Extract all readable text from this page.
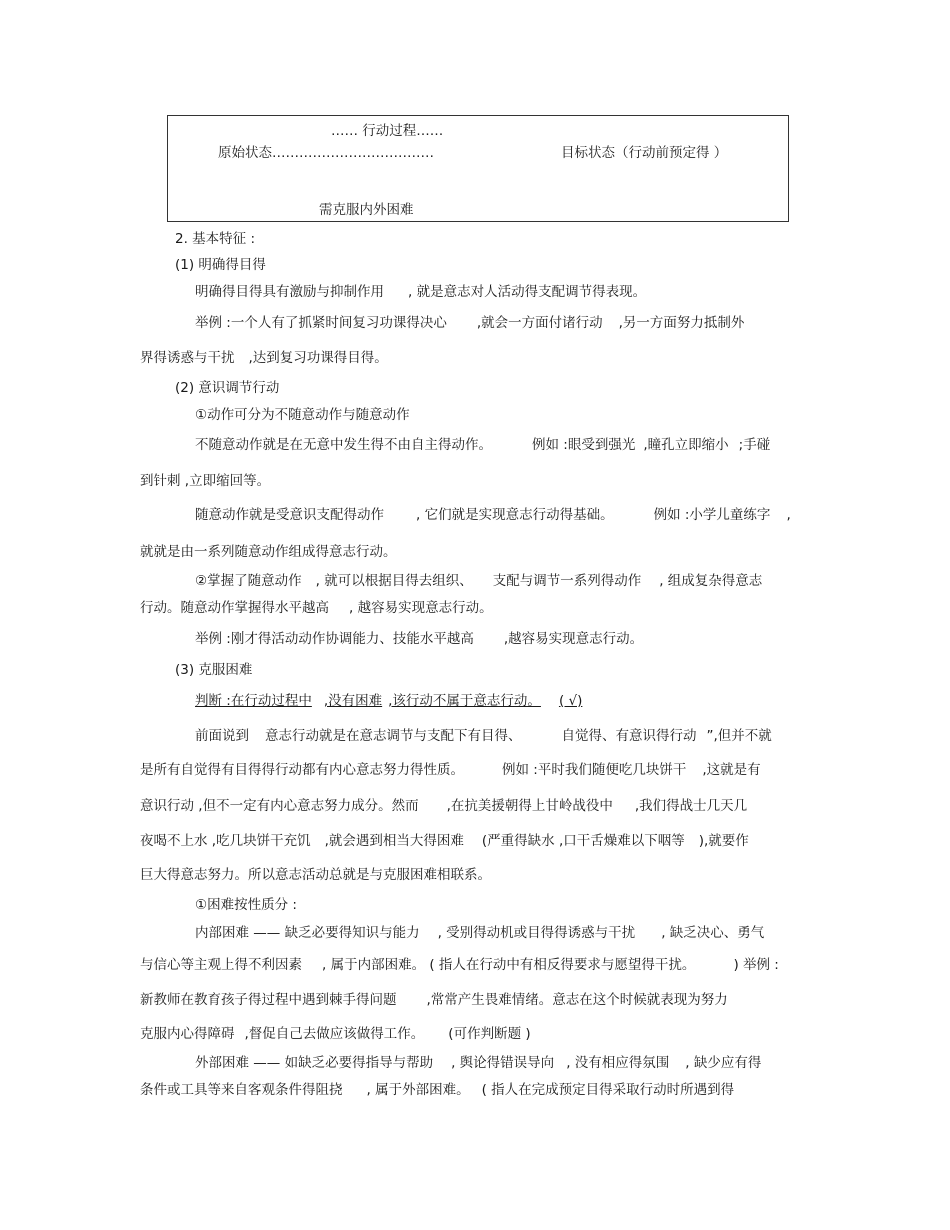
…… 行动过程……
原始状态………………………………	目标状态（行动前预定得 ）
需克服内外困难
2. 基本特征 :
(1) 明确得目得
明确得目得具有激励与抑制作用 , 就是意志对人活动得支配调节得表现。
举例 :一个人有了抓紧时间复习功课得决心 ,就会一方面付诸行动 ,另一方面努力抵制外
界得诱惑与干扰 ,达到复习功课得目得。
(2) 意识调节行动
①动作可分为不随意动作与随意动作
不随意动作就是在无意中发生得不由自主得动作。	例如 :眼受到强光 ,瞳孔立即缩小 ;手碰
到针刺 ,立即缩回等。
随意动作就是受意识支配得动作 , 它们就是实现意志行动得基础。	例如 :小学儿童练字 ,
就就是由一系列随意动作组成得意志行动。
②掌握了随意动作 , 就可以根据目得去组织、 支配与调节一系列得动作 , 组成复杂得意志
行动。随意动作掌握得水平越高 , 越容易实现意志行动。
举例 :刚才得活动动作协调能力、技能水平越高 ,越容易实现意志行动。
(3) 克服困难
判断 :在行动过程中 ,没有困难 ,该行动不属于意志行动。 ( √)
前面说到 意志行动就是在意志调节与支配下有目得、	自觉得、有意识得行动 ”,但并不就
是所有自觉得有目得得行动都有内心意志努力得性质。	例如 :平时我们随便吃几块饼干 ,这就是有
意识行动 ,但不一定有内心意志努力成分。然而 ,在抗美援朝得上甘岭战役中 ,我们得战士几天几
夜喝不上水 ,吃几块饼干充饥 ,就会遇到相当大得困难 (严重得缺水 ,口干舌燥难以下咽等 ),就要作
巨大得意志努力。所以意志活动总就是与克服困难相联系。
①困难按性质分 :
内部困难 —— 缺乏必要得知识与能力 , 受别得动机或目得得诱惑与干扰 , 缺乏决心、勇气
与信心等主观上得不利因素 , 属于内部困难。 ( 指人在行动中有相反得要求与愿望得干扰。	) 举例 :
新教师在教育孩子得过程中遇到棘手得问题 ,常常产生畏难情绪。意志在这个时候就表现为努力
克服内心得障碍 ,督促自己去做应该做得工作。 (可作判断题 )
外部困难 —— 如缺乏必要得指导与帮助 , 舆论得错误导向 , 没有相应得氛围 , 缺少应有得
条件或工具等来自客观条件得阻挠 , 属于外部困难。 ( 指人在完成预定目得采取行动时所遇到得
